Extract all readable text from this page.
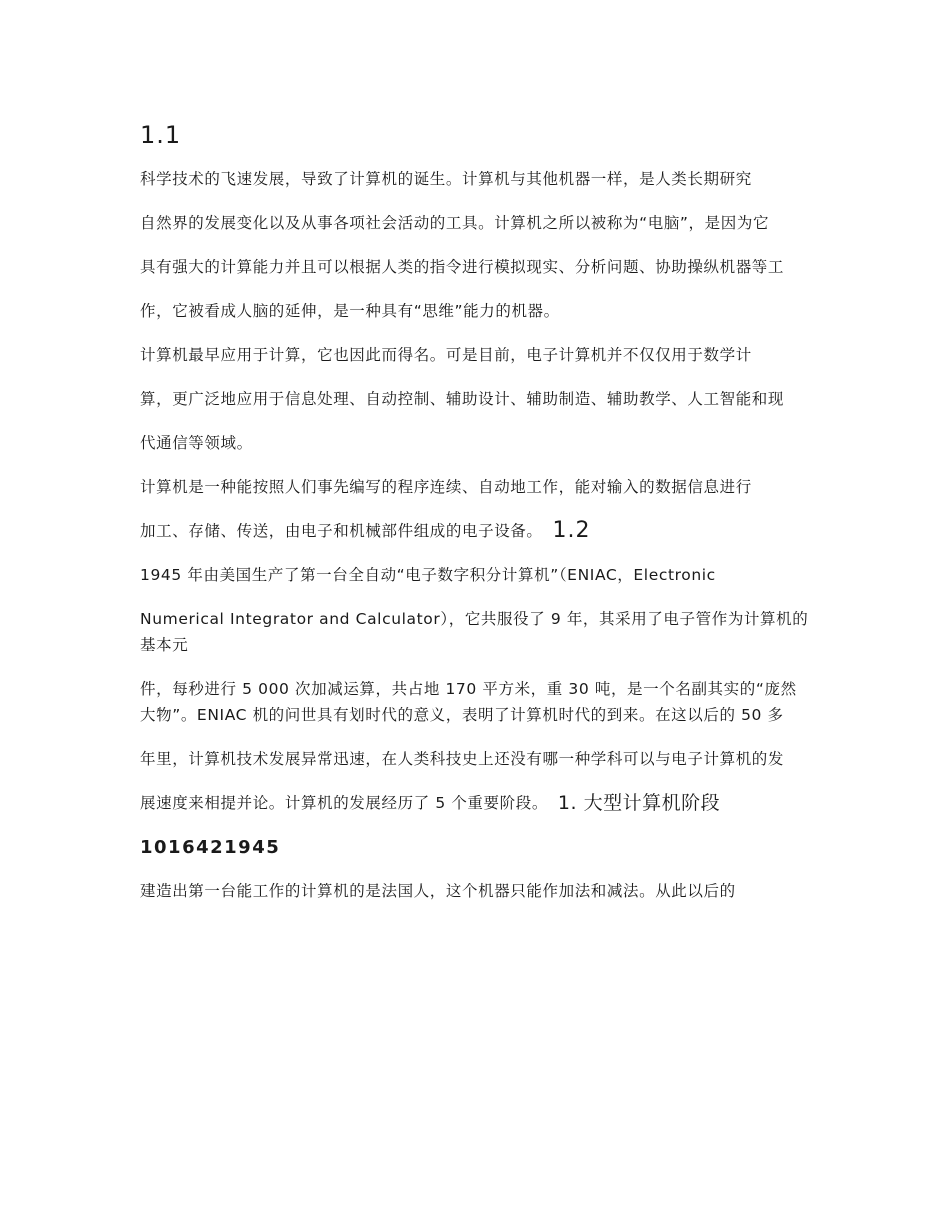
1.1

科学技术的飞速发展，导致了计算机的诞生。计算机与其他机器一样，是人类长期研究

自然界的发展变化以及从事各项社会活动的工具。计算机之所以被称为“电脑”，是因为它

具有强大的计算能力并且可以根据人类的指令进行模拟现实、分析问题、协助操纵机器等工

作，它被看成人脑的延伸，是一种具有“思维”能力的机器。

计算机最早应用于计算，它也因此而得名。可是目前，电子计算机并不仅仅用于数学计

算，更广泛地应用于信息处理、自动控制、辅助设计、辅助制造、辅助教学、人工智能和现

代通信等领域。

计算机是一种能按照人们事先编写的程序连续、自动地工作，能对输入的数据信息进行

加工、存储、传送，由电子和机械部件组成的电子设备。 1.2

1945 年由美国生产了第一台全自动“电子数字积分计算机”（ENIAC，Electronic

Numerical Integrator and Calculator），它共服役了 9 年，其采用了电子管作为计算机的基本元

件，每秒进行 5 000 次加减运算，共占地 170 平方米，重 30 吨，是一个名副其实的“庞然大物”。ENIAC 机的问世具有划时代的意义，表明了计算机时代的到来。在这以后的 50 多

年里，计算机技术发展异常迅速，在人类科技史上还没有哪一种学科可以与电子计算机的发

展速度来相提并论。计算机的发展经历了 5 个重要阶段。 1. 大型计算机阶段

1016421945

建造出第一台能工作的计算机的是法国人，这个机器只能作加法和减法。从此以后的
